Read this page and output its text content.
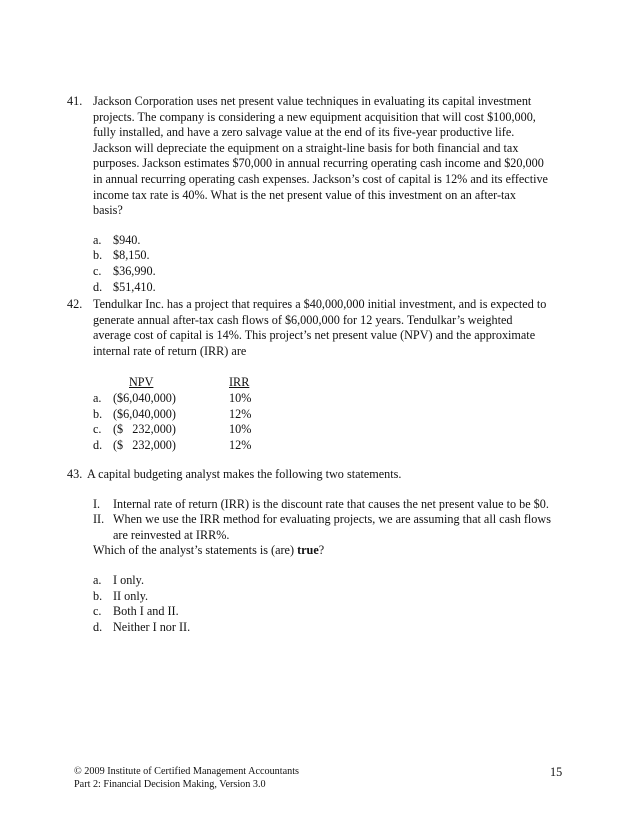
41. Jackson Corporation uses net present value techniques in evaluating its capital investment

projects. The company is considering a new equipment acquisition that will cost $100,000,

fully installed, and have a zero salvage value at the end of its five-year productive life.

Jackson will depreciate the equipment on a straight-line basis for both financial and tax

purposes. Jackson estimates $70,000 in annual recurring operating cash income and $20,000

in annual recurring operating cash expenses. Jackson’s cost of capital is 12% and its effective

income tax rate is 40%. What is the net present value of this investment on an after-tax

basis?

a. $940.
b. $8,150.
c. $36,990.
d. $51,410.
42. Tendulkar Inc. has a project that requires a $40,000,000 initial investment, and is expected to

generate annual after-tax cash flows of $6,000,000 for 12 years. Tendulkar’s weighted

average cost of capital is 14%. This project’s net present value (NPV) and the approximate

internal rate of return (IRR) are

NPV	IRR
a. ($6,040,000)	10%
b. ($6,040,000)	12%
c. ($   232,000)	10%
d. ($   232,000)	12%
43. A capital budgeting analyst makes the following two statements.

I.	Internal rate of return (IRR) is the discount rate that causes the net present value to be $0.
II. When we use the IRR method for evaluating projects, we are assuming that all cash flows
are reinvested at IRR%.

Which of the analyst’s statements is (are) true?

a. I only.
b. II only.
c. Both I and II.
d. Neither I nor II.
© 2009 Institute of Certified Management Accountants
Part 2: Financial Decision Making, Version 3.0
15
